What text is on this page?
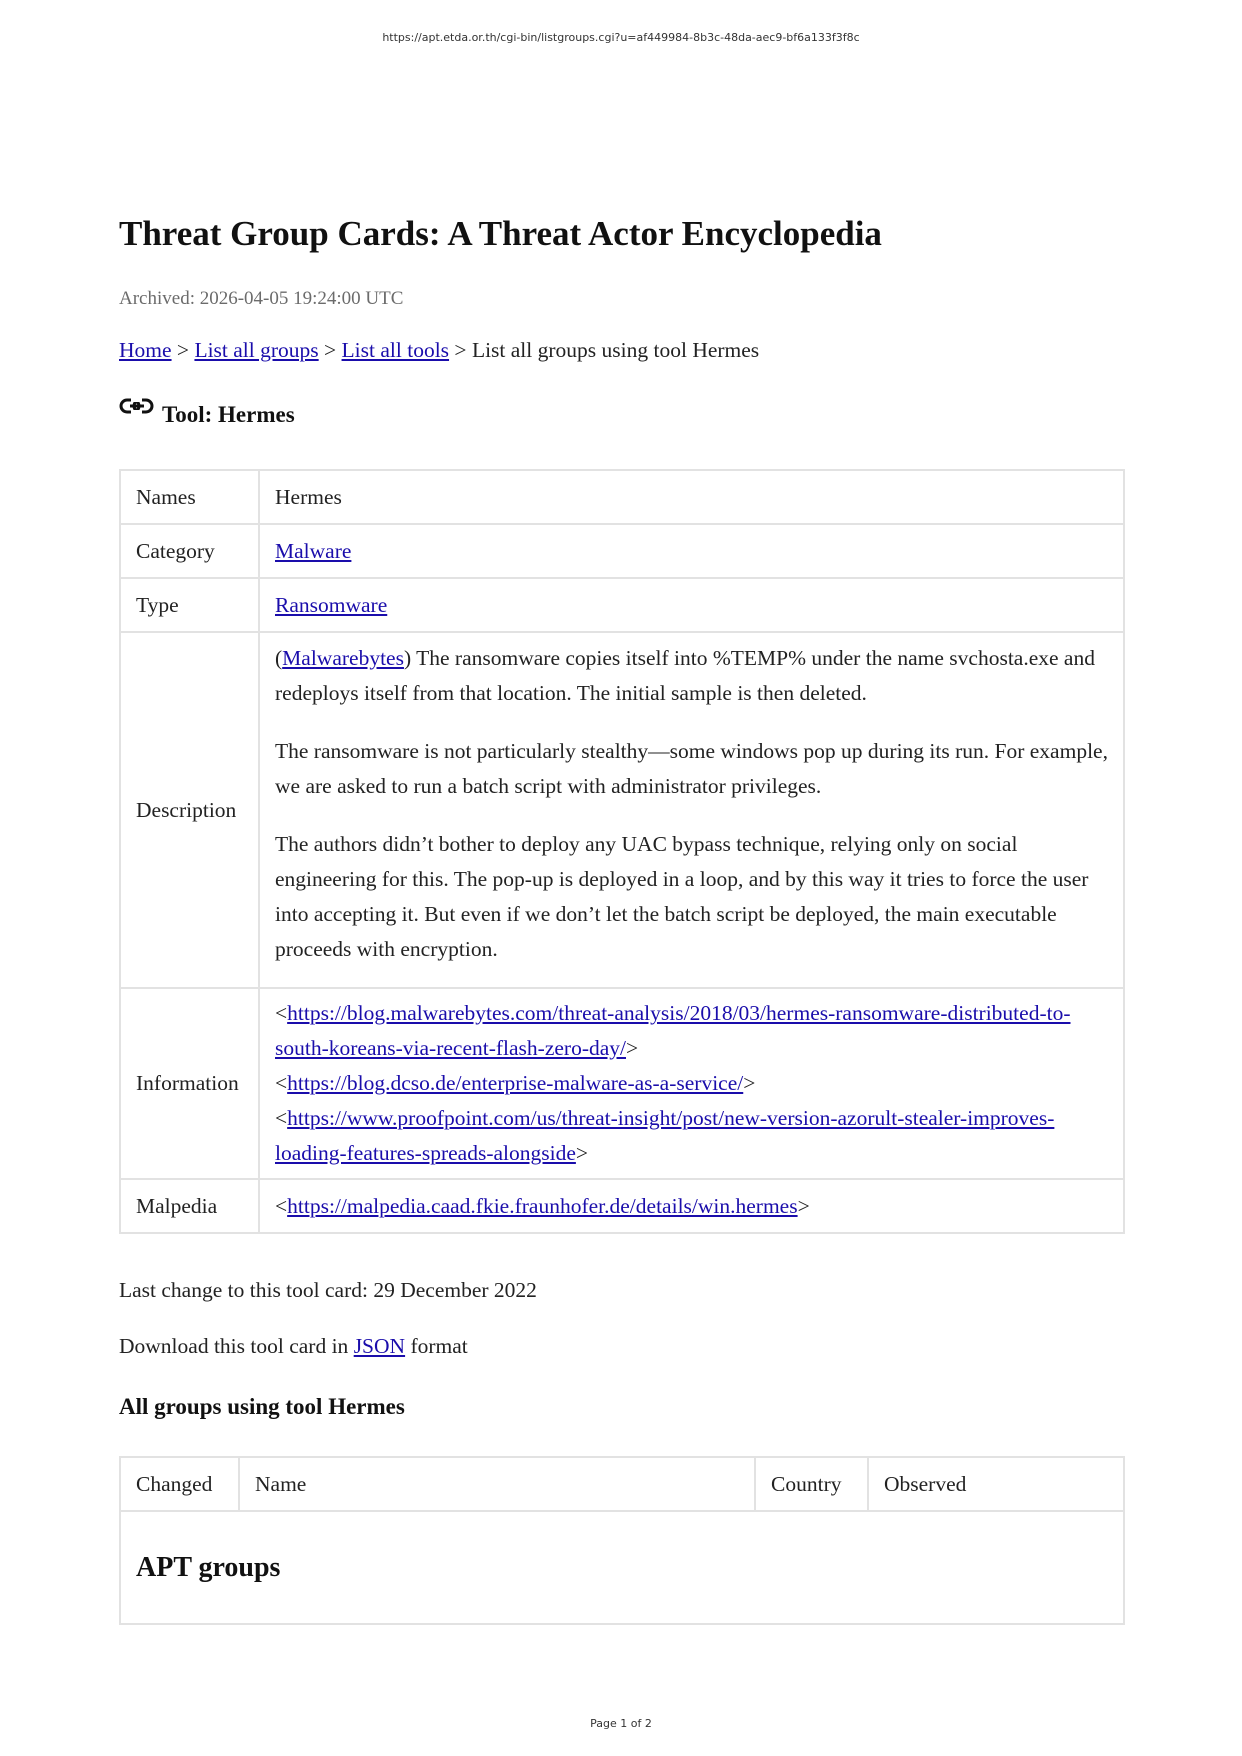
https://apt.etda.or.th/cgi-bin/listgroups.cgi?u=af449984-8b3c-48da-aec9-bf6a133f3f8c
Threat Group Cards: A Threat Actor Encyclopedia
Archived: 2026-04-05 19:24:00 UTC
Home > List all groups > List all tools > List all groups using tool Hermes
Tool: Hermes
Names	Hermes
Category	Malware
Type	Ransomware
Description	(Malwarebytes) The ransomware copies itself into %TEMP% under the name svchosta.exe and redeploys itself from that location. The initial sample is then deleted.

The ransomware is not particularly stealthy—some windows pop up during its run. For example, we are asked to run a batch script with administrator privileges.

The authors didn’t bother to deploy any UAC bypass technique, relying only on social engineering for this. The pop-up is deployed in a loop, and by this way it tries to force the user into accepting it. But even if we don’t let the batch script be deployed, the main executable proceeds with encryption.

Information	<https://blog.malwarebytes.com/threat-analysis/2018/03/hermes-ransomware-distributed-to-south-koreans-via-recent-flash-zero-day/>
<https://blog.dcso.de/enterprise-malware-as-a-service/>
<https://www.proofpoint.com/us/threat-insight/post/new-version-azorult-stealer-improves-loading-features-spreads-alongside>

Malpedia	<https://malpedia.caad.fkie.fraunhofer.de/details/win.hermes>
Last change to this tool card: 29 December 2022
Download this tool card in JSON format
All groups using tool Hermes
Changed	Name	Country	Observed
APT groups
Page 1 of 2
